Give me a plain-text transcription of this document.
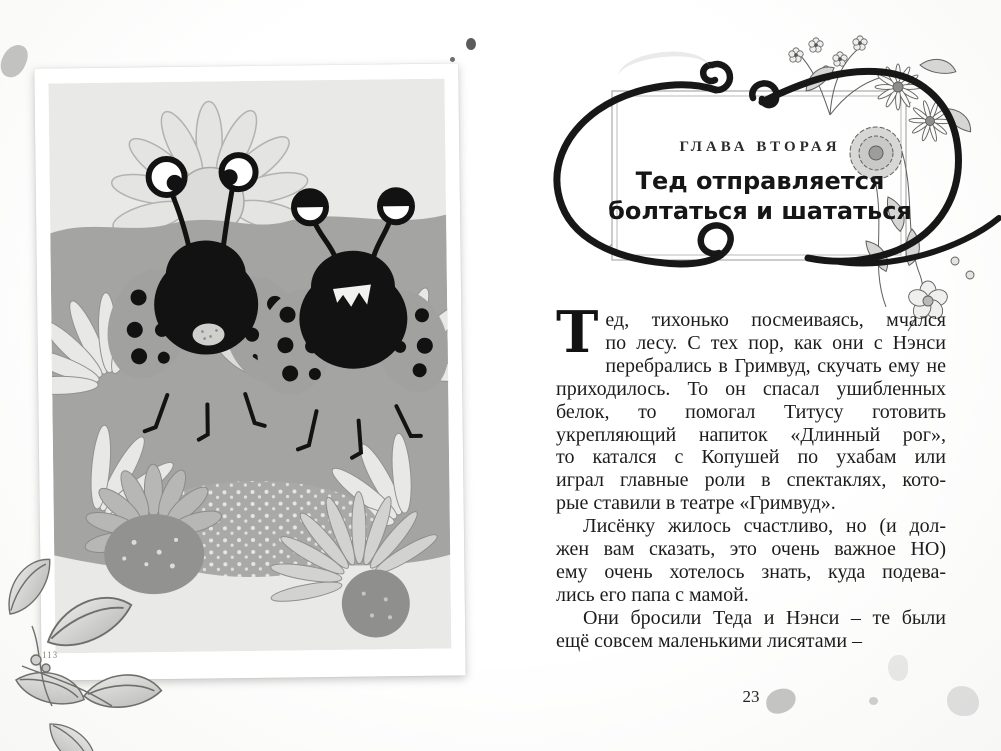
113
ГЛАВА ВТОРАЯ
Тед отправляется
болтаться и шататься
Т ед, тихонько посмеиваясь, мчался
по лесу. С тех пор, как они с Нэнси
перебрались в Гримвуд, скучать ему не
приходилось. То он спасал ушибленных
белок, то помогал Титусу готовить
укрепляющий напиток «Длинный рог»,
то катался с Копушей по ухабам или
играл главные роли в спектаклях, кото-
рые ставили в театре «Гримвуд».
Лисёнку жилось счастливо, но (и дол-
жен вам сказать, это очень важное НО)
ему очень хотелось знать, куда подева-
лись его папа с мамой.
Они бросили Теда и Нэнси – те были
ещё совсем маленькими лисятами –
23
